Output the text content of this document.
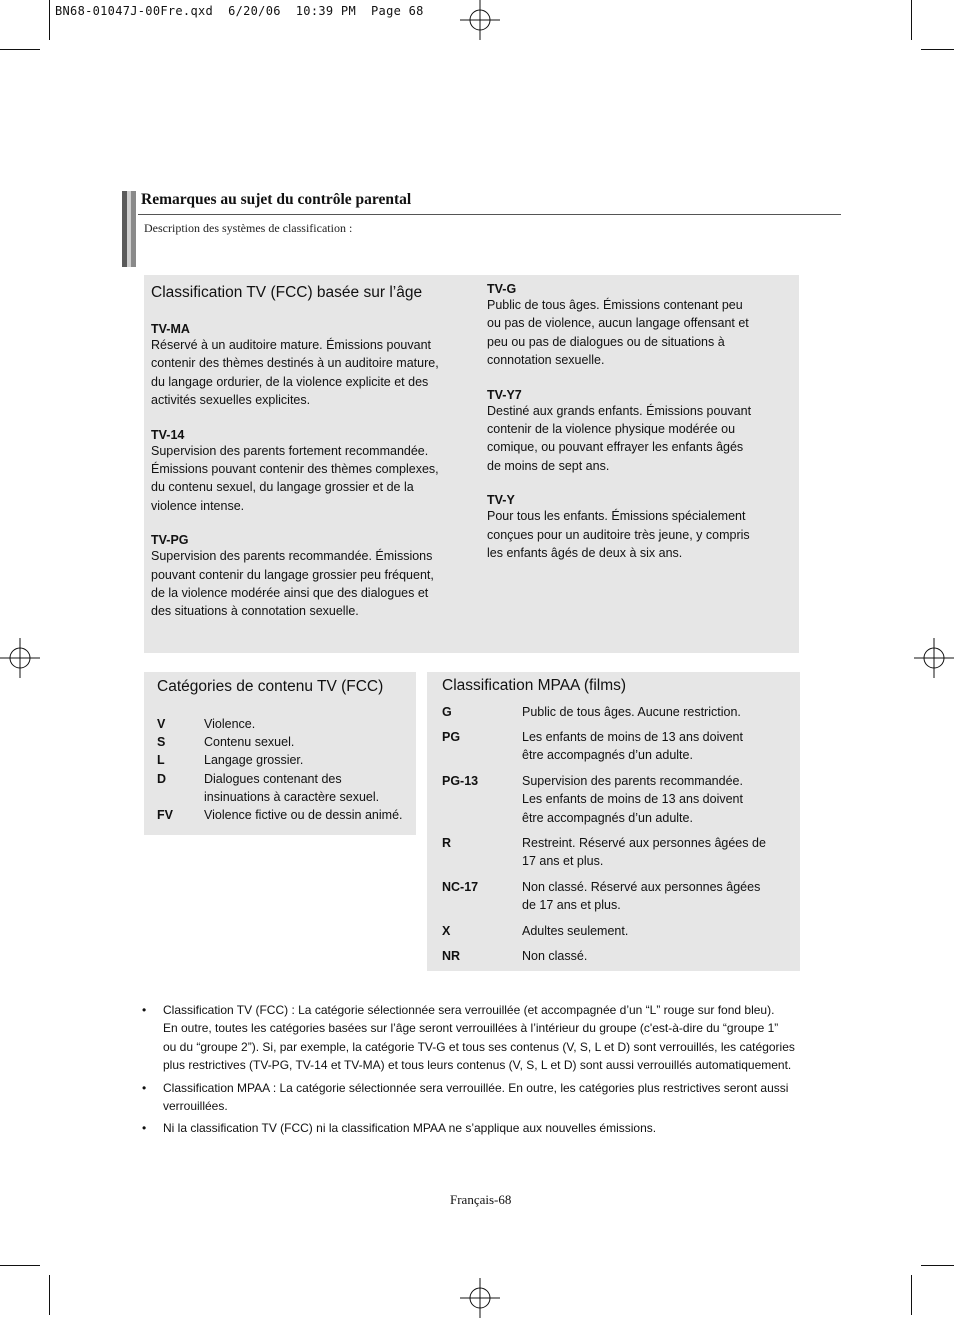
BN68-01047J-00Fre.qxd  6/20/06  10:39 PM  Page 68
Remarques au sujet du contrôle parental
Description des systèmes de classification :
Classification TV (FCC) basée sur l’âge
TV-MA
Réservé à un auditoire mature. Émissions pouvant
contenir des thèmes destinés à un auditoire mature,
du langage ordurier, de la violence explicite et des
activités sexuelles explicites.
TV-14
Supervision des parents fortement recommandée.
Émissions pouvant contenir des thèmes complexes,
du contenu sexuel, du langage grossier et de la
violence intense.
TV-PG
Supervision des parents recommandée. Émissions
pouvant contenir du langage grossier peu fréquent,
de la violence modérée ainsi que des dialogues et
des situations à connotation sexuelle.
TV-G
Public de tous âges. Émissions contenant peu
ou pas de violence, aucun langage offensant et
peu ou pas de dialogues ou de situations à
connotation sexuelle.
TV-Y7
Destiné aux grands enfants. Émissions pouvant
contenir de la violence physique modérée ou
comique, ou pouvant effrayer les enfants âgés
de moins de sept ans.
TV-Y
Pour tous les enfants. Émissions spécialement
conçues pour un auditoire très jeune, y compris
les enfants âgés de deux à six ans.
Catégories de contenu TV (FCC)
V	Violence.
S	Contenu sexuel.
L	Langage grossier.
D	Dialogues contenant des
insinuations à caractère sexuel.
FV Violence fictive ou de dessin animé.
Classification MPAA (films)
G	Public de tous âges. Aucune restriction.
PG	Les enfants de moins de 13 ans doivent
être accompagnés d’un adulte.
PG-13	Supervision des parents recommandée.
Les enfants de moins de 13 ans doivent
être accompagnés d’un adulte.
R	Restreint. Réservé aux personnes âgées de
17 ans et plus.
NC-17	Non classé. Réservé aux personnes âgées
de 17 ans et plus.
X	Adultes seulement.
NR	Non classé.
• Classification TV (FCC) : La catégorie sélectionnée sera verrouillée (et accompagnée d’un “L” rouge sur fond bleu).
En outre, toutes les catégories basées sur l’âge seront verrouillées à l’intérieur du groupe (c'est-à-dire du “groupe 1”
ou du “groupe 2”). Si, par exemple, la catégorie TV-G et tous ses contenus (V, S, L et D) sont verrouillés, les catégories
plus restrictives (TV-PG, TV-14 et TV-MA) et tous leurs contenus (V, S, L et D) sont aussi verrouillés automatiquement.
• Classification MPAA : La catégorie sélectionnée sera verrouillée. En outre, les catégories plus restrictives seront aussi
verrouillées.
• Ni la classification TV (FCC) ni la classification MPAA ne s’applique aux nouvelles émissions.
Français-68
